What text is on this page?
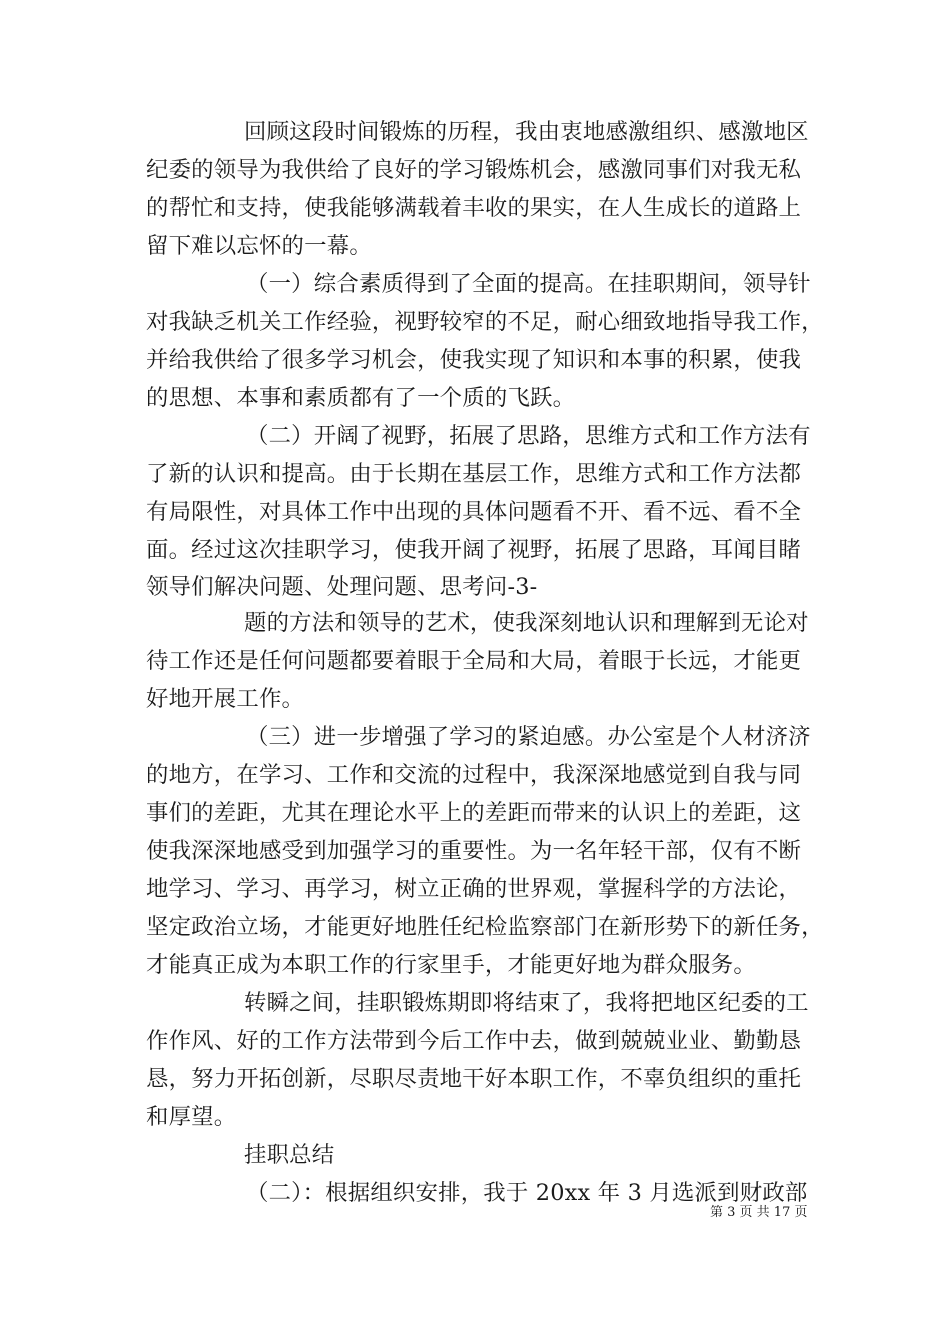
回顾这段时间锻炼的历程，我由衷地感激组织、感激地区
纪委的领导为我供给了良好的学习锻炼机会，感激同事们对我无私
的帮忙和支持，使我能够满载着丰收的果实，在人生成长的道路上
留下难以忘怀的一幕。
（一）综合素质得到了全面的提高。在挂职期间，领导针
对我缺乏机关工作经验，视野较窄的不足，耐心细致地指导我工作，
并给我供给了很多学习机会，使我实现了知识和本事的积累，使我
的思想、本事和素质都有了一个质的飞跃。
（二）开阔了视野，拓展了思路，思维方式和工作方法有
了新的认识和提高。由于长期在基层工作，思维方式和工作方法都
有局限性，对具体工作中出现的具体问题看不开、看不远、看不全
面。经过这次挂职学习，使我开阔了视野，拓展了思路，耳闻目睹
领导们解决问题、处理问题、思考问-3-
题的方法和领导的艺术，使我深刻地认识和理解到无论对
待工作还是任何问题都要着眼于全局和大局，着眼于长远，才能更
好地开展工作。
（三）进一步增强了学习的紧迫感。办公室是个人材济济
的地方，在学习、工作和交流的过程中，我深深地感觉到自我与同
事们的差距，尤其在理论水平上的差距而带来的认识上的差距，这
使我深深地感受到加强学习的重要性。为一名年轻干部，仅有不断
地学习、学习、再学习，树立正确的世界观，掌握科学的方法论，
坚定政治立场，才能更好地胜任纪检监察部门在新形势下的新任务，
才能真正成为本职工作的行家里手，才能更好地为群众服务。
转瞬之间，挂职锻炼期即将结束了，我将把地区纪委的工
作作风、好的工作方法带到今后工作中去，做到兢兢业业、勤勤恳
恳，努力开拓创新，尽职尽责地干好本职工作，不辜负组织的重托
和厚望。
挂职总结
（二）：根据组织安排，我于 20xx 年 3 月选派到财政部
第 3 页 共 17 页
